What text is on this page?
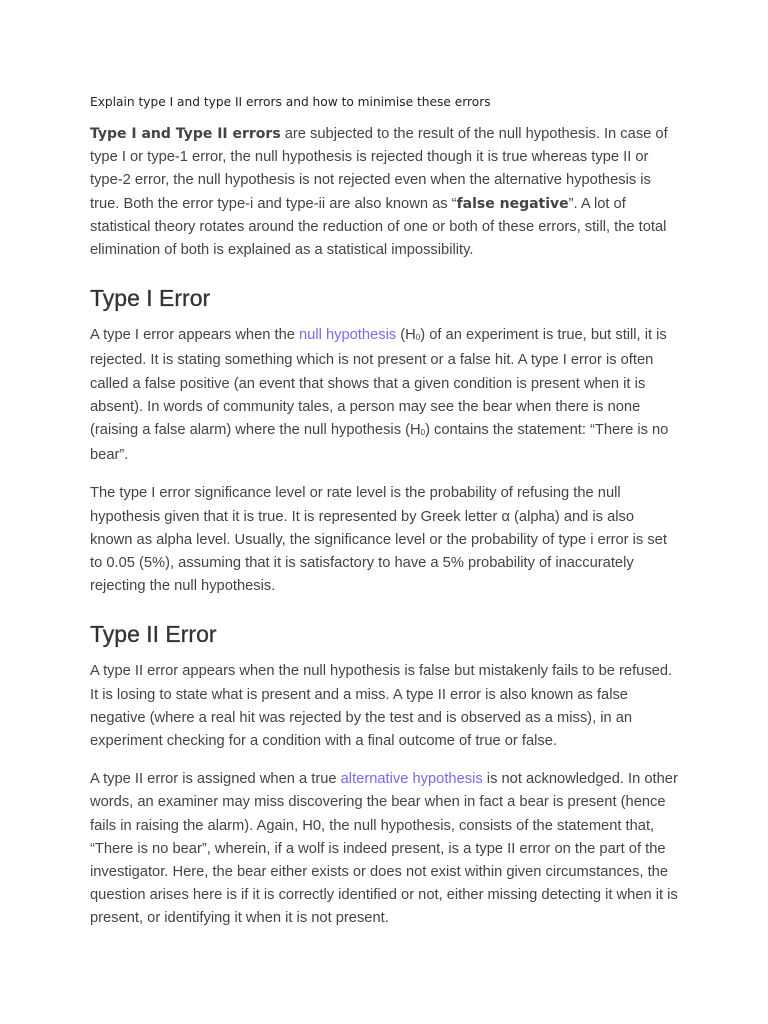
Explain type I and type II errors and how to minimise these errors

Type I and Type II errors are subjected to the result of the null hypothesis. In case of type I or type-1 error, the null hypothesis is rejected though it is true whereas type II or type-2 error, the null hypothesis is not rejected even when the alternative hypothesis is true. Both the error type-i and type-ii are also known as “false negative”. A lot of statistical theory rotates around the reduction of one or both of these errors, still, the total elimination of both is explained as a statistical impossibility.

Type I Error

A type I error appears when the null hypothesis $(H_0)$ of an experiment is true, but still, it is rejected. It is stating something which is not present or a false hit. A type I error is often called a false positive (an event that shows that a given condition is present when it is absent). In words of community tales, a person may see the bear when there is none (raising a false alarm) where the null hypothesis $(H_0)$ contains the statement: “There is no bear”.

The type I error significance level or rate level is the probability of refusing the null hypothesis given that it is true. It is represented by Greek letter α (alpha) and is also known as alpha level. Usually, the significance level or the probability of type i error is set to 0.05 (5%), assuming that it is satisfactory to have a 5% probability of inaccurately rejecting the null hypothesis.

Type II Error

A type II error appears when the null hypothesis is false but mistakenly fails to be refused. It is losing to state what is present and a miss. A type II error is also known as false negative (where a real hit was rejected by the test and is observed as a miss), in an experiment checking for a condition with a final outcome of true or false.

A type II error is assigned when a true alternative hypothesis is not acknowledged. In other words, an examiner may miss discovering the bear when in fact a bear is present (hence fails in raising the alarm). Again, H0, the null hypothesis, consists of the statement that, “There is no bear”, wherein, if a wolf is indeed present, is a type II error on the part of the investigator. Here, the bear either exists or does not exist within given circumstances, the question arises here is if it is correctly identified or not, either missing detecting it when it is present, or identifying it when it is not present.
